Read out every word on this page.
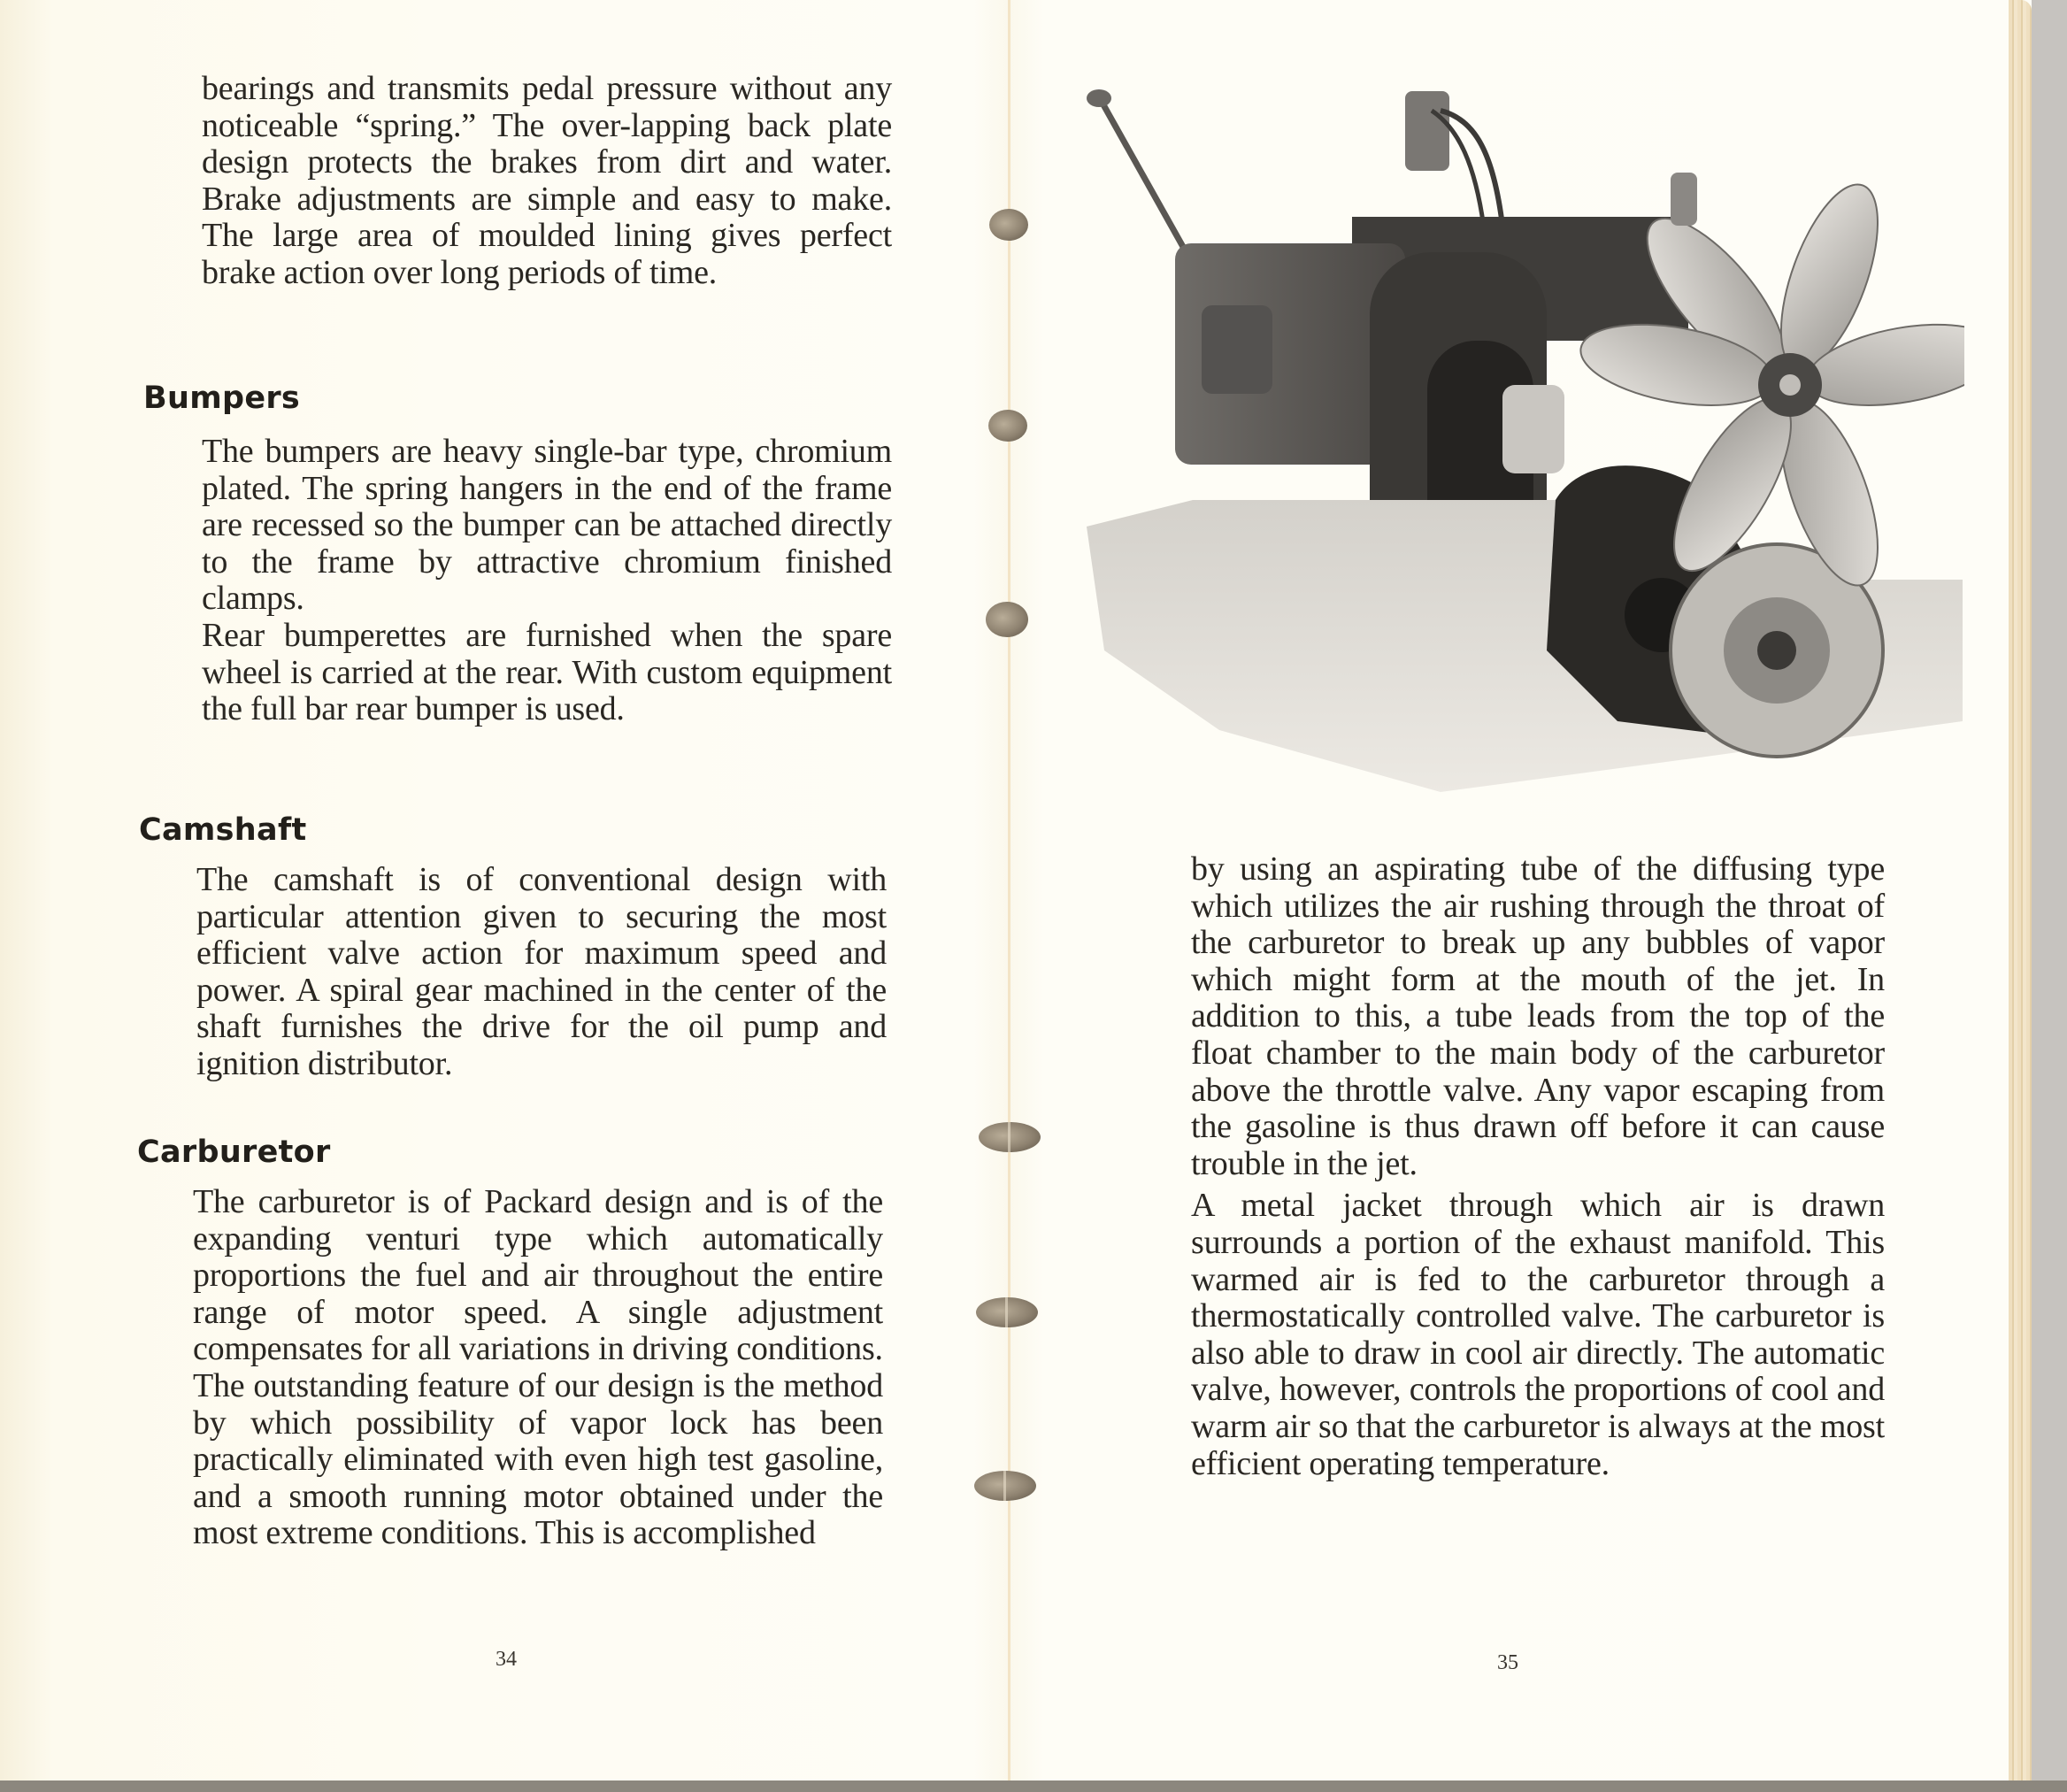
bearings and transmits pedal pressure without any noticeable “spring.” The over-lapping back plate design protects the brakes from dirt and water. Brake adjustments are simple and easy to make. The large area of moulded lining gives perfect brake action over long periods of time.

Bumpers

The bumpers are heavy single-bar type, chromium plated. The spring hangers in the end of the frame are recessed so the bumper can be attached directly to the frame by attractive chromium finished clamps.

Rear bumperettes are furnished when the spare wheel is carried at the rear. With custom equipment the full bar rear bumper is used.

Camshaft

The camshaft is of conventional design with particular attention given to securing the most efficient valve action for maximum speed and power. A spiral gear machined in the center of the shaft furnishes the drive for the oil pump and ignition distributor.

Carburetor

The carburetor is of Packard design and is of the expanding venturi type which automatically proportions the fuel and air throughout the entire range of motor speed. A single adjustment compensates for all variations in driving conditions.

The outstanding feature of our design is the method by which possibility of vapor lock has been practically eliminated with even high test gasoline, and a smooth running motor obtained under the most extreme conditions. This is accomplished

34

by using an aspirating tube of the diffusing type which utilizes the air rushing through the throat of the carburetor to break up any bubbles of vapor which might form at the mouth of the jet. In addition to this, a tube leads from the top of the float chamber to the main body of the carburetor above the throttle valve. Any vapor escaping from the gasoline is thus drawn off before it can cause trouble in the jet.

A metal jacket through which air is drawn surrounds a portion of the exhaust manifold. This warmed air is fed to the carburetor through a thermostatically controlled valve. The carburetor is also able to draw in cool air directly. The automatic valve, however, controls the proportions of cool and warm air so that the carburetor is always at the most efficient operating temperature.

35
